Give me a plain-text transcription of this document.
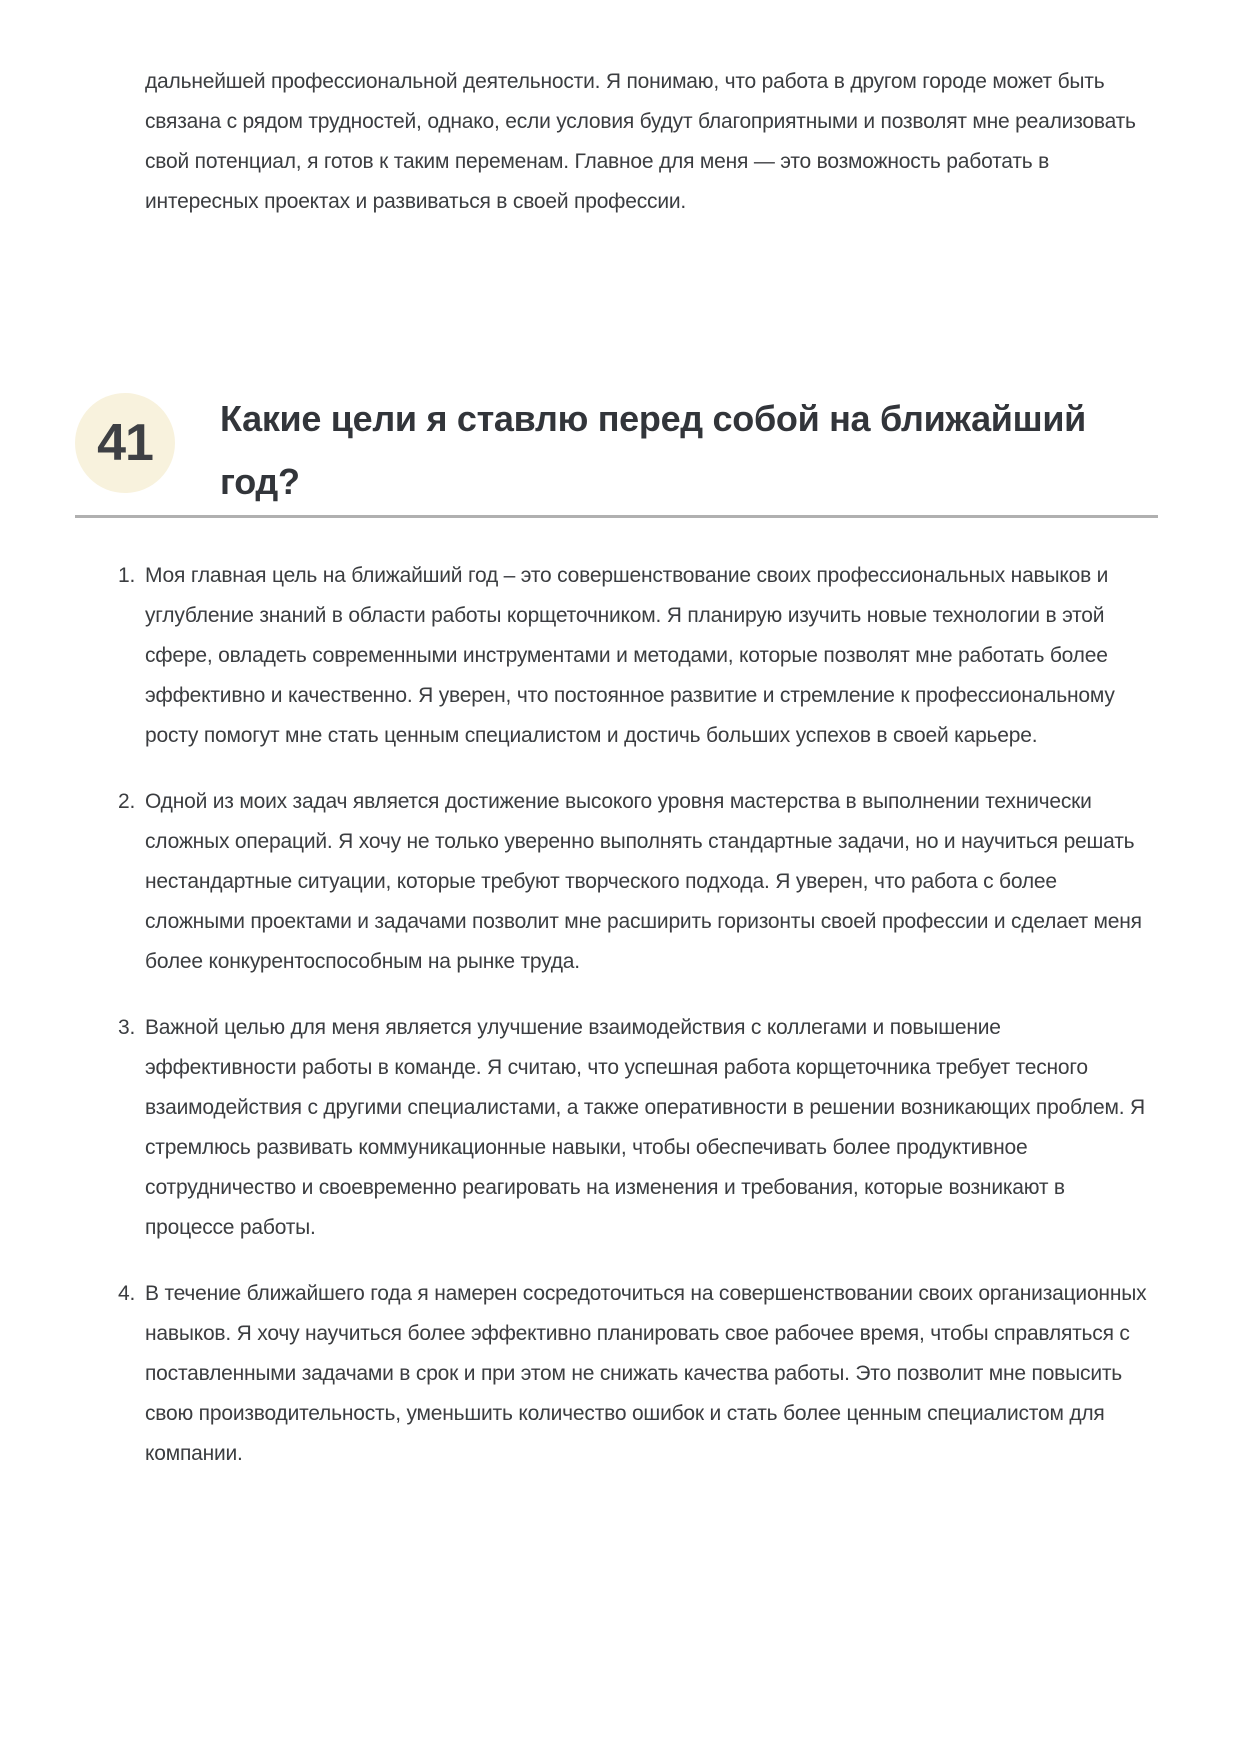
дальнейшей профессиональной деятельности. Я понимаю, что работа в другом городе может быть связана с рядом трудностей, однако, если условия будут благоприятными и позволят мне реализовать свой потенциал, я готов к таким переменам. Главное для меня — это возможность работать в интересных проектах и развиваться в своей профессии.

41 Какие цели я ставлю перед собой на ближайший год?
1. Моя главная цель на ближайший год – это совершенствование своих профессиональных навыков и углубление знаний в области работы корщеточником. Я планирую изучить новые технологии в этой сфере, овладеть современными инструментами и методами, которые позволят мне работать более эффективно и качественно. Я уверен, что постоянное развитие и стремление к профессиональному росту помогут мне стать ценным специалистом и достичь больших успехов в своей карьере.
2. Одной из моих задач является достижение высокого уровня мастерства в выполнении технически сложных операций. Я хочу не только уверенно выполнять стандартные задачи, но и научиться решать нестандартные ситуации, которые требуют творческого подхода. Я уверен, что работа с более сложными проектами и задачами позволит мне расширить горизонты своей профессии и сделает меня более конкурентоспособным на рынке труда.
3. Важной целью для меня является улучшение взаимодействия с коллегами и повышение эффективности работы в команде. Я считаю, что успешная работа корщеточника требует тесного взаимодействия с другими специалистами, а также оперативности в решении возникающих проблем. Я стремлюсь развивать коммуникационные навыки, чтобы обеспечивать более продуктивное сотрудничество и своевременно реагировать на изменения и требования, которые возникают в процессе работы.
4. В течение ближайшего года я намерен сосредоточиться на совершенствовании своих организационных навыков. Я хочу научиться более эффективно планировать свое рабочее время, чтобы справляться с поставленными задачами в срок и при этом не снижать качества работы. Это позволит мне повысить свою производительность, уменьшить количество ошибок и стать более ценным специалистом для компании.
